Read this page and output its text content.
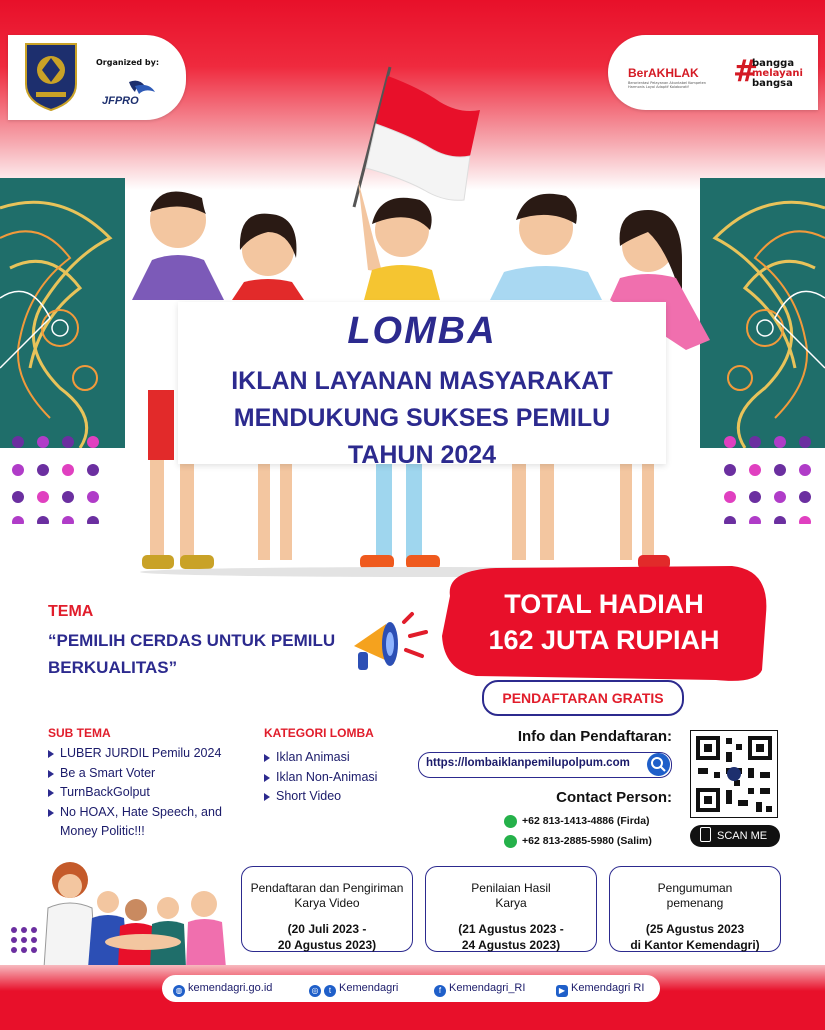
Organized by:
JFPRO
BerAKHLAK
Berorientasi Pelayanan Akuntabel Kompeten Harmonis Loyal Adaptif Kolaboratif	#
bangga
melayani
bangsa
LOMBA
IKLAN LAYANAN MASYARAKAT
MENDUKUNG SUKSES PEMILU
TAHUN 2024
TEMA
“PEMILIH CERDAS UNTUK PEMILU BERKUALITAS”
TOTAL HADIAH
162 JUTA RUPIAH
PENDAFTARAN GRATIS
SUB TEMA
LUBER JURDIL Pemilu 2024
Be a Smart Voter
TurnBackGolput
No HOAX, Hate Speech, and Money Politic!!!
KATEGORI LOMBA
Iklan Animasi
Iklan Non-Animasi
Short Video
Info dan Pendaftaran:
https://lombaiklanpemilupolpum.com
Contact Person:
+62 813-1413-4886 (Firda)
+62 813-2885-5980 (Salim)	SCAN ME
Pendaftaran dan Pengiriman Karya Video
(20 Juli 2023 -
20 Agustus 2023)
Penilaian Hasil Karya
(21 Agustus 2023 -
24 Agustus 2023)
Pengumuman pemenang
(25 Agustus 2023
di Kantor Kemendagri)
◍ kemendagri.go.id	◎ t Kemendagri	f Kemendagri_RI	▶ Kemendagri RI
